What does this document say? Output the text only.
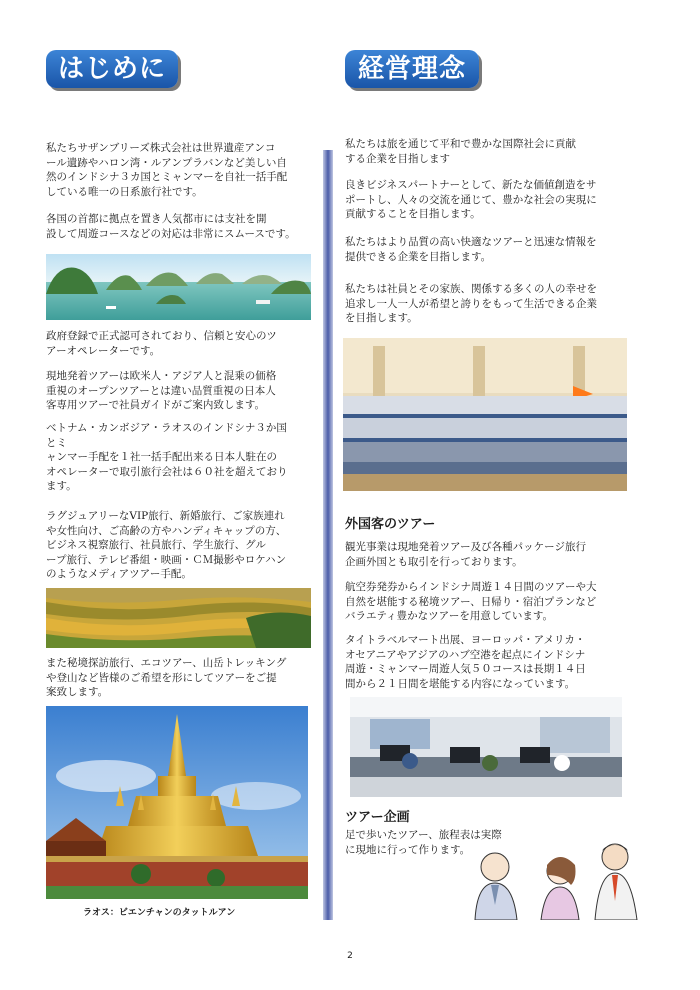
はじめに

私たちサザンブリーズ株式会社は世界遺産アンコ
ール遺跡やハロン湾・ルアンプラバンなど美しい自
然のインドシナ３カ国とミャンマーを自社一括手配
している唯一の日系旅行社です。

各国の首都に拠点を置き人気都市には支社を開
設して周遊コースなどの対応は非常にスムースです。

政府登録で正式認可されており、信頼と安心のツ
アーオペレーターです。

現地発着ツアーは欧米人・アジア人と混乗の価格
重視のオープンツアーとは違い品質重視の日本人
客専用ツアーで社員ガイドがご案内致します。

ベトナム・カンボジア・ラオスのインドシナ３か国
とミ
ャンマー手配を１社一括手配出来る日本人駐在の
オペレーターで取引旅行会社は６０社を超えており
ます。

ラグジュアリーなVIP旅行、新婚旅行、ご家族連れ
や女性向け、ご高齢の方やハンディキャップの方、
ビジネス視察旅行、社員旅行、学生旅行、グル
ープ旅行、テレビ番組・映画・ＣＭ撮影やロケハン
のようなメディアツアー手配。

また秘境探訪旅行、エコツアー、山岳トレッキング
や登山など皆様のご希望を形にしてツアーをご提
案致します。

ラオス：ビエンチャンのタットルアン

経営理念

私たちは旅を通じて平和で豊かな国際社会に貢献
する企業を目指します

良きビジネスパートナーとして、新たな価値創造をサ
ポートし、人々の交流を通じて、豊かな社会の実現に
貢献することを目指します。

私たちはより品質の高い快適なツアーと迅速な情報を
提供できる企業を目指します。

私たちは社員とその家族、関係する多くの人の幸せを
追求し一人一人が希望と誇りをもって生活できる企業
を目指します。

外国客のツアー

観光事業は現地発着ツアー及び各種パッケージ旅行
企画外国とも取引を行っております。

航空券発券からインドシナ周遊１４日間のツアーや大
自然を堪能する秘境ツアー、日帰り・宿泊プランなど
バラエティ豊かなツアーを用意しています。

タイトラベルマート出展、ヨーロッパ・アメリカ・
オセアニアやアジアのハブ空港を起点にインドシナ
周遊・ミャンマー周遊人気５０コースは長期１４日
間から２１日間を堪能する内容になっています。

ツアー企画

足で歩いたツアー、旅程表は実際
に現地に行って作ります。

2
